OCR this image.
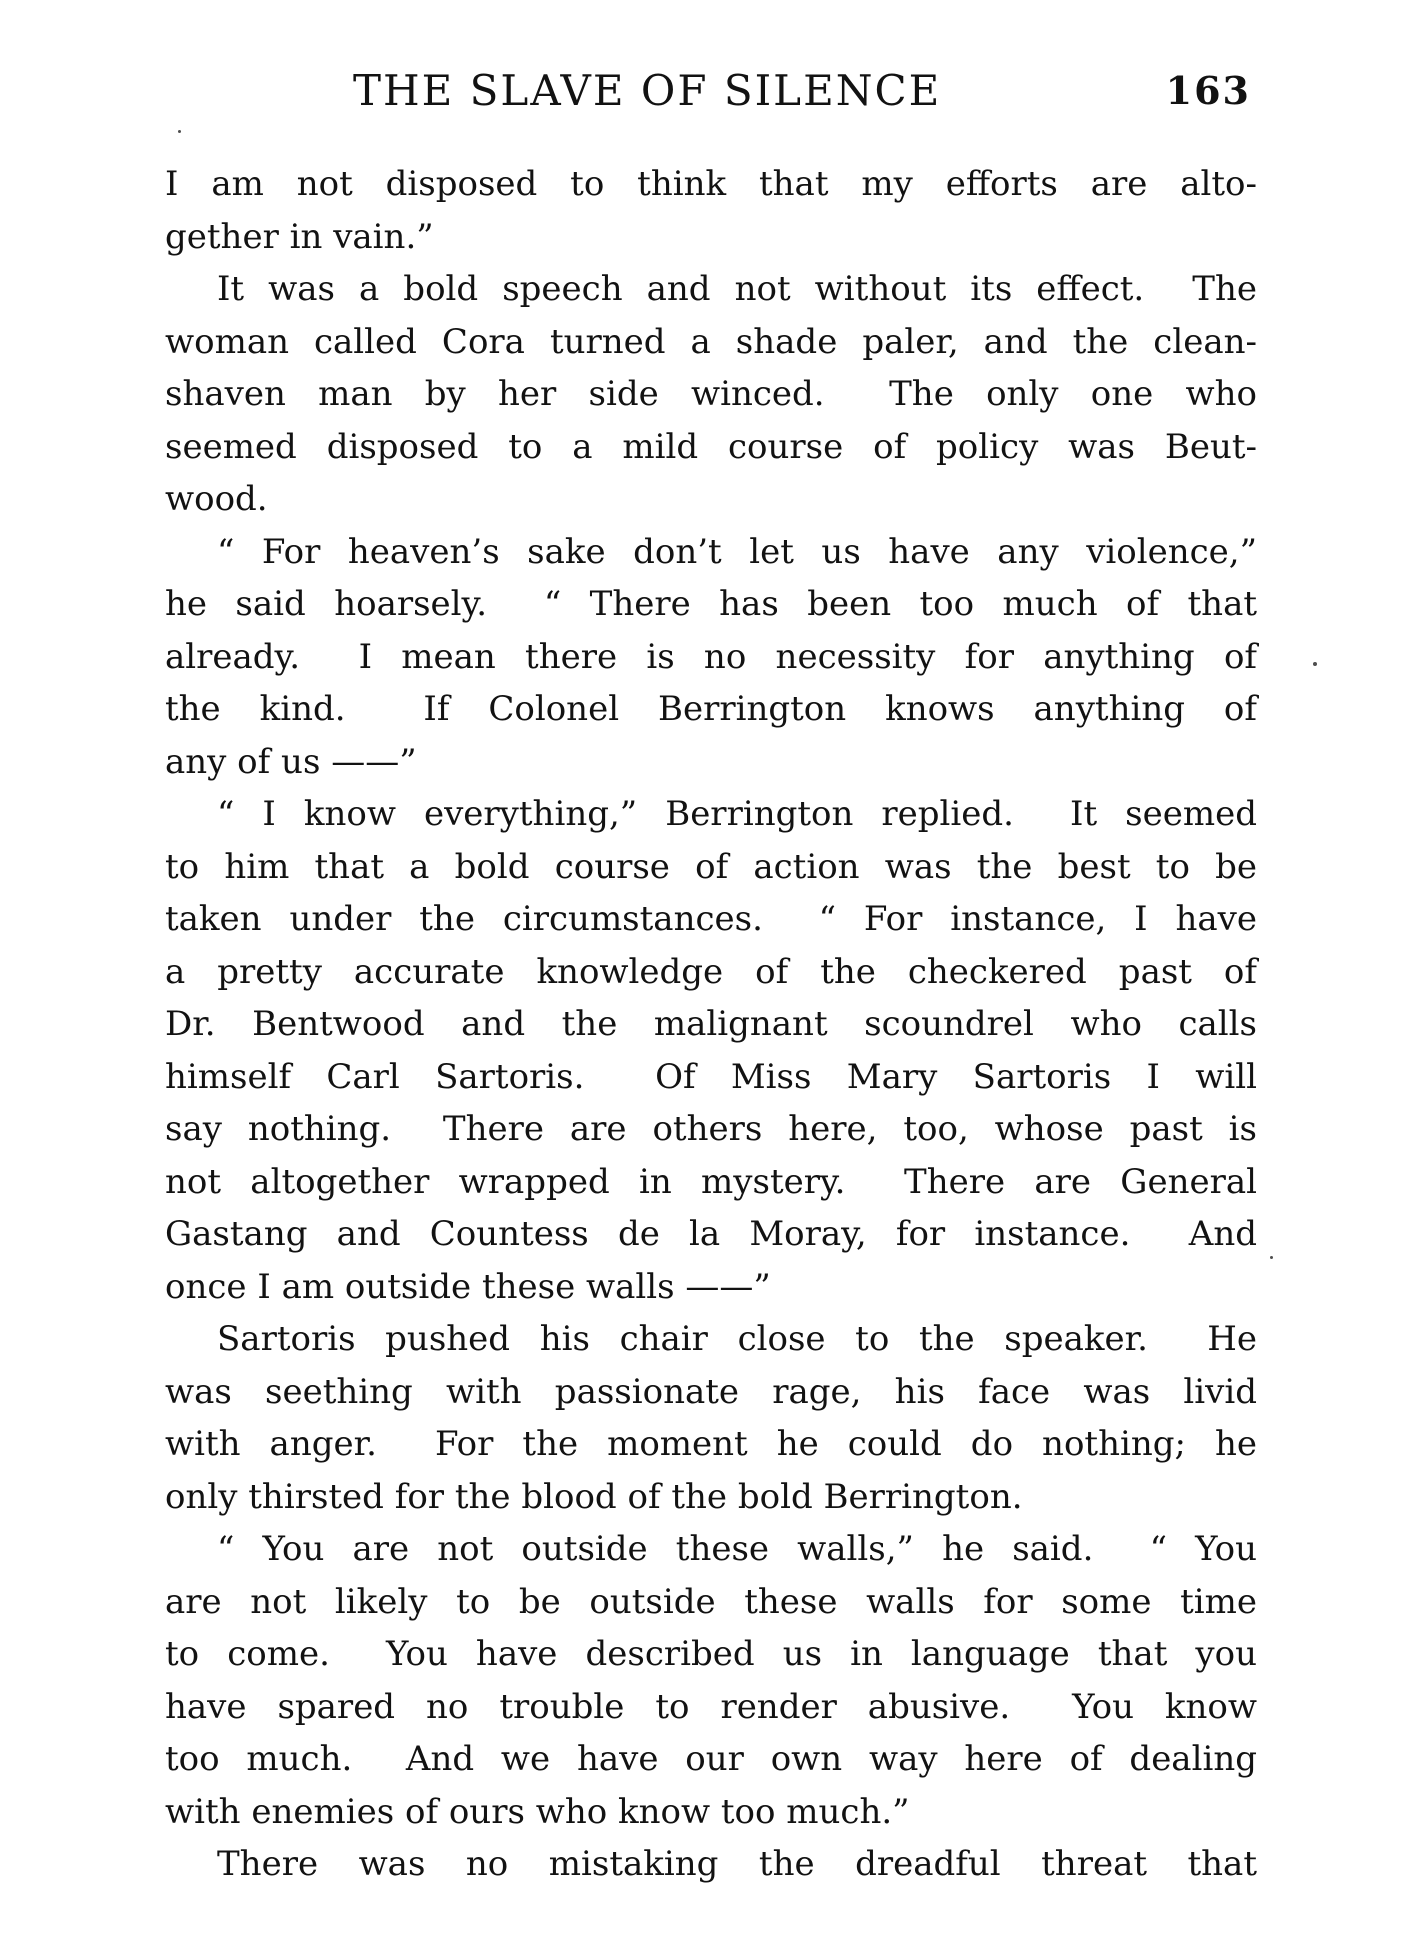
THE SLAVE OF SILENCE	163
I am not disposed to think that my efforts are alto-
gether in vain.”
It was a bold speech and not without its effect.  The
woman called Cora turned a shade paler, and the clean-
shaven man by her side winced.  The only one who
seemed disposed to a mild course of policy was Beut-
wood.
“ For heaven’s sake don’t let us have any violence,”
he said hoarsely.  “ There has been too much of that
already.  I mean there is no necessity for anything of
the kind.  If Colonel Berrington knows anything of
any of us ——”
“ I know everything,” Berrington replied.  It seemed
to him that a bold course of action was the best to be
taken under the circumstances.  “ For instance, I have
a pretty accurate knowledge of the checkered past of
Dr. Bentwood and the malignant scoundrel who calls
himself Carl Sartoris.  Of Miss Mary Sartoris I will
say nothing.  There are others here, too, whose past is
not altogether wrapped in mystery.  There are General
Gastang and Countess de la Moray, for instance.  And
once I am outside these walls ——”
Sartoris pushed his chair close to the speaker.  He
was seething with passionate rage, his face was livid
with anger.  For the moment he could do nothing; he
only thirsted for the blood of the bold Berrington.
“ You are not outside these walls,” he said.  “ You
are not likely to be outside these walls for some time
to come.  You have described us in language that you
have spared no trouble to render abusive.  You know
too much.  And we have our own way here of dealing
with enemies of ours who know too much.”
There was no mistaking the dreadful threat that
